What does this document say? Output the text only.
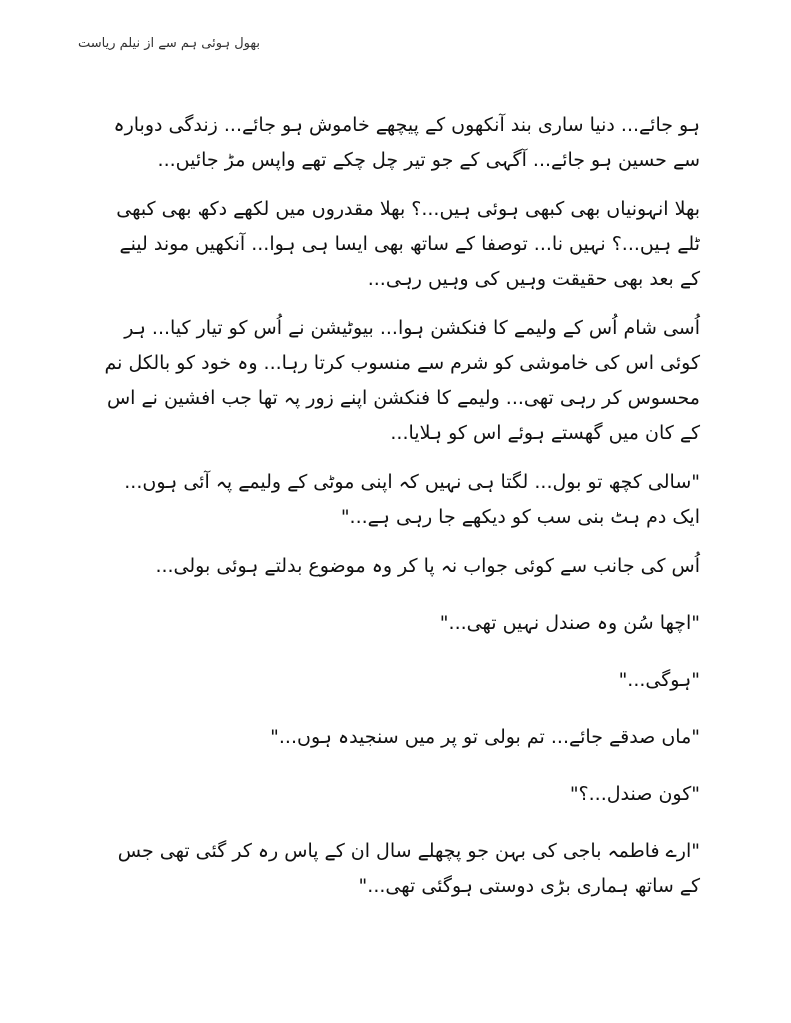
بھول ہوئی ہم سے از نیلم ریاست

ہو جائے... دنیا ساری بند آنکھوں کے پیچھے خاموش ہو جائے... زندگی دوبارہ سے حسین ہو جائے... آگہی کے جو تیر چل چکے تھے واپس مڑ جائیں...

بھلا انہونیاں بھی کبھی ہوئی ہیں...؟ بھلا مقدروں میں لکھے دکھ بھی کبھی ٹلے ہیں...؟ نہیں نا... توصفا کے ساتھ بھی ایسا ہی ہوا... آنکھیں موند لینے کے بعد بھی حقیقت وہیں کی وہیں رہی...

اُسی شام اُس کے ولیمے کا فنکشن ہوا... بیوٹیشن نے اُس کو تیار کیا... ہر کوئی اس کی خاموشی کو شرم سے منسوب کرتا رہا... وہ خود کو بالکل نم محسوس کر رہی تھی... ولیمے کا فنکشن اپنے زور پہ تھا جب افشین نے اس کے کان میں گھستے ہوئے اس کو ہلایا...

"سالی کچھ تو بول... لگتا ہی نہیں کہ اپنی موٹی کے ولیمے پہ آئی ہوں... ایک دم ہٹ بنی سب کو دیکھے جا رہی ہے..."

اُس کی جانب سے کوئی جواب نہ پا کر وہ موضوع بدلتے ہوئی بولی...

"اچھا سُن وہ صندل نہیں تھی..."

"ہوگی..."

"ماں صدقے جائے... تم بولی تو پر میں سنجیدہ ہوں..."

"کون صندل...؟"

"ارے فاطمہ باجی کی بہن جو پچھلے سال ان کے پاس رہ کر گئی تھی جس کے ساتھ ہماری بڑی دوستی ہوگئی تھی..."
